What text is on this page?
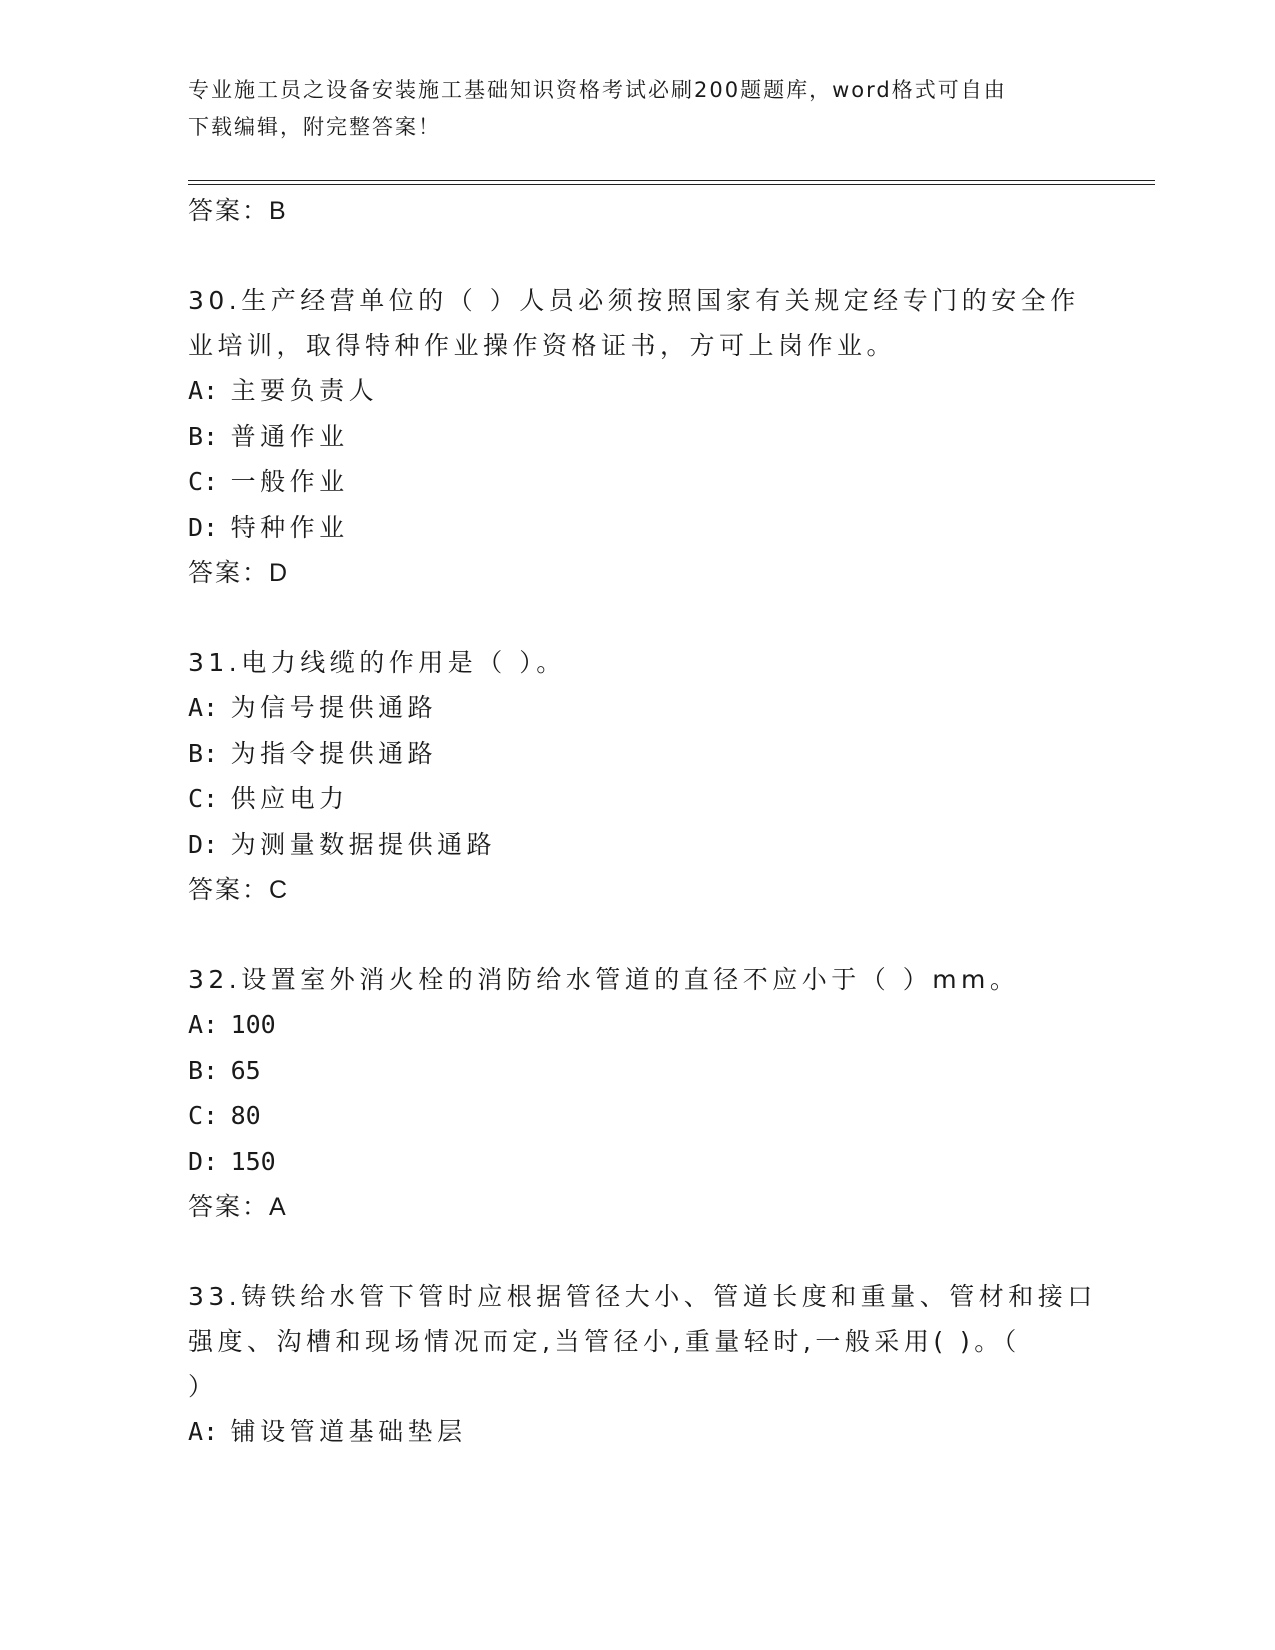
专业施工员之设备安装施工基础知识资格考试必刷200题题库，word格式可自由
下载编辑，附完整答案！
答案：B
30.生产经营单位的（ ）人员必须按照国家有关规定经专门的安全作
业培训，取得特种作业操作资格证书，方可上岗作业。
A: 主要负责人
B: 普通作业
C: 一般作业
D: 特种作业
答案：D
31.电力线缆的作用是（ ）。
A: 为信号提供通路
B: 为指令提供通路
C: 供应电力
D: 为测量数据提供通路
答案：C
32.设置室外消火栓的消防给水管道的直径不应小于（ ）mm。
A: 100
B: 65
C: 80
D: 150
答案：A
33.铸铁给水管下管时应根据管径大小、管道长度和重量、管材和接口
强度、沟槽和现场情况而定,当管径小,重量轻时,一般采用( )。（
）
A: 铺设管道基础垫层
